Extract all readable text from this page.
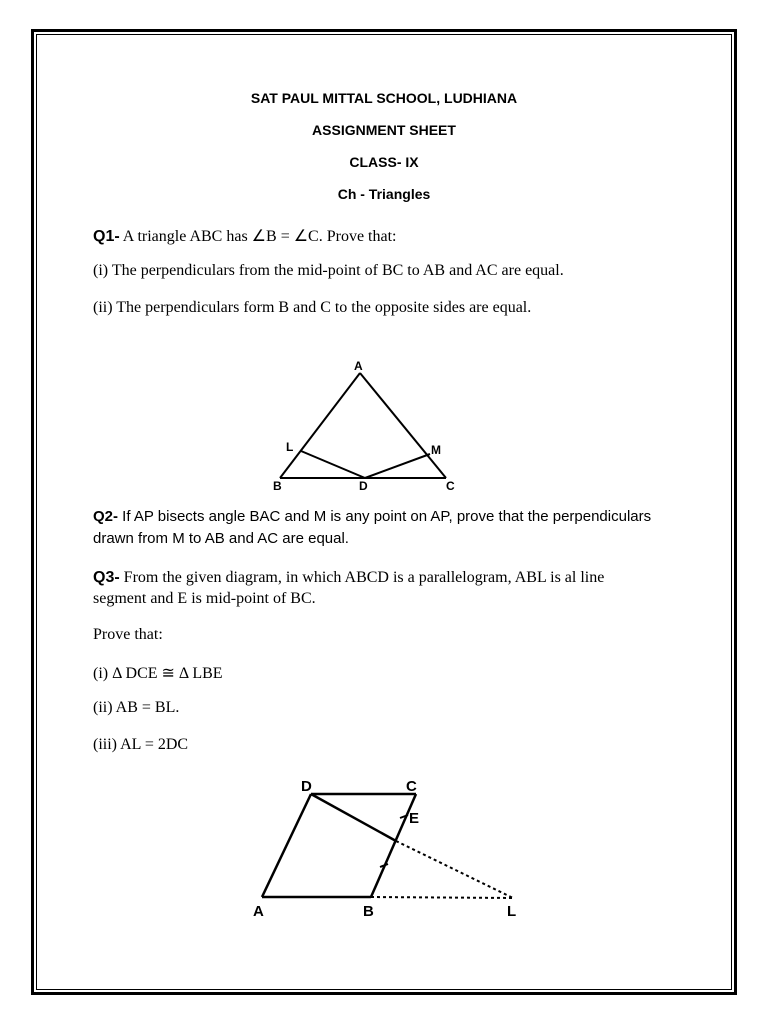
SAT PAUL MITTAL SCHOOL, LUDHIANA
ASSIGNMENT SHEET
CLASS- IX
Ch - Triangles
Q1- A triangle ABC has ∠B = ∠C. Prove that:
(i) The perpendiculars from the mid-point of BC to AB and AC are equal.
(ii) The perpendiculars form B and C to the opposite sides are equal.
A
L	M
B	D	C
Q2- If AP bisects angle BAC and M is any point on AP, prove that the perpendiculars
drawn from M to AB and AC are equal.
Q3- From the given diagram, in which ABCD is a parallelogram, ABL is al line
segment and E is mid-point of BC.
Prove that:
(i) Δ DCE ≅ Δ LBE
(ii) AB = BL.
(iii) AL = 2DC
D	C
E
A	B	L
